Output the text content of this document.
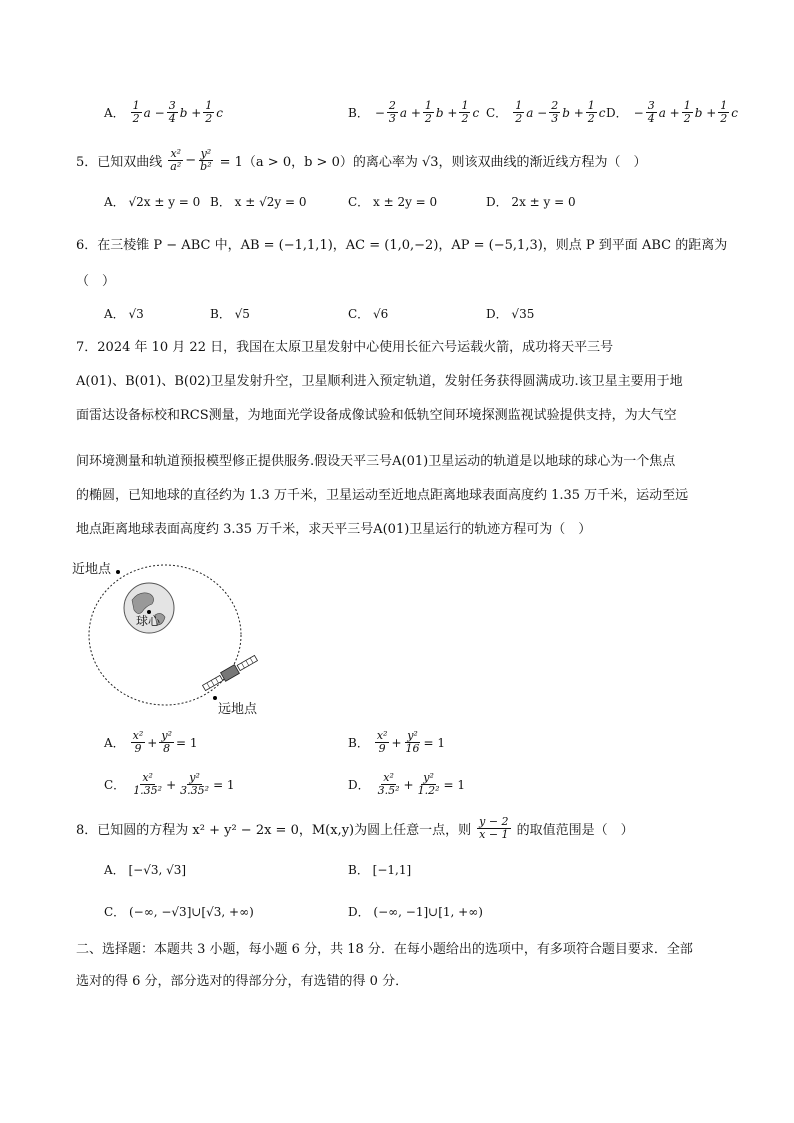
A． $\frac{1}{2}$ $a - \frac{3}{4}$ $b + \frac{1}{2}$ c	B． − $\frac{2}{3}$ $a + \frac{1}{2}$ $b + \frac{1}{2}$ c C． $\frac{1}{2}$ $a - \frac{2}{3}$ $b + \frac{1}{2}$ c D． − $\frac{3}{4}$ $a + \frac{1}{2}$ $b + \frac{1}{2}$ c
5．已知双曲线 $\frac{\text{x²}}{\text{a²}} - \frac{\text{y²}}{\text{b²}} = 1(a > 0$，b > 0）的离心率为 √3，则该双曲线的渐近线方程为（　）
A． √2x ± y = 0 B． x ± √2y = 0	C． x ± 2y = 0	D． 2x ± y = 0
6．在三棱锥 P − ABC 中，AB = (−1,1,1)，AC = (1,0,−2)，AP = (−5,1,3)，则点 P 到平面 ABC 的距离为
（　）
A． √3	B． √5	C． √6	D． √35
7．2024 年 10 月 22 日，我国在太原卫星发射中心使用长征六号运载火箭，成功将天平三号
A(01)、B(01)、B(02)卫星发射升空，卫星顺利进入预定轨道，发射任务获得圆满成功.该卫星主要用于地
面雷达设备标校和RCS测量，为地面光学设备成像试验和低轨空间环境探测监视试验提供支持，为大气空
间环境测量和轨道预报模型修正提供服务.假设天平三号A(01)卫星运动的轨道是以地球的球心为一个焦点
的椭圆，已知地球的直径约为 1.3 万千米，卫星运动至近地点距离地球表面高度约 1.35 万千米，运动至远
地点距离地球表面高度约 3.35 万千米，求天平三号A(01)卫星运行的轨迹方程可为（　）
近地点
球心
远地点
A． $\frac{\text{x²}}{9} + \frac{\text{y²}}{8} = 1$	B． $\frac{\text{x²}}{9} + \frac{\text{y²}}{16} = 1$
C． $\frac{\text{x²}}{\text{1.35²}} + \frac{\text{y²}}{\text{3.35²}} = 1$	D． $\frac{\text{x²}}{\text{3.5²}} + \frac{\text{y²}}{\text{1.2²}} = 1$
8．已知圆的方程为 x² + y² − 2x = 0，M(x,y)为圆上任意一点，则 $\frac{y - 2}{x - 1}$ 的取值范围是（　）
A． [−√3, √3]	B． [−1,1]
C． (−∞, −√3]∪[√3, +∞)	D． (−∞, −1]∪[1, +∞)
二、选择题：本题共 3 小题，每小题 6 分，共 18 分．在每小题给出的选项中，有多项符合题目要求．全部
选对的得 6 分，部分选对的得部分分，有选错的得 0 分．
